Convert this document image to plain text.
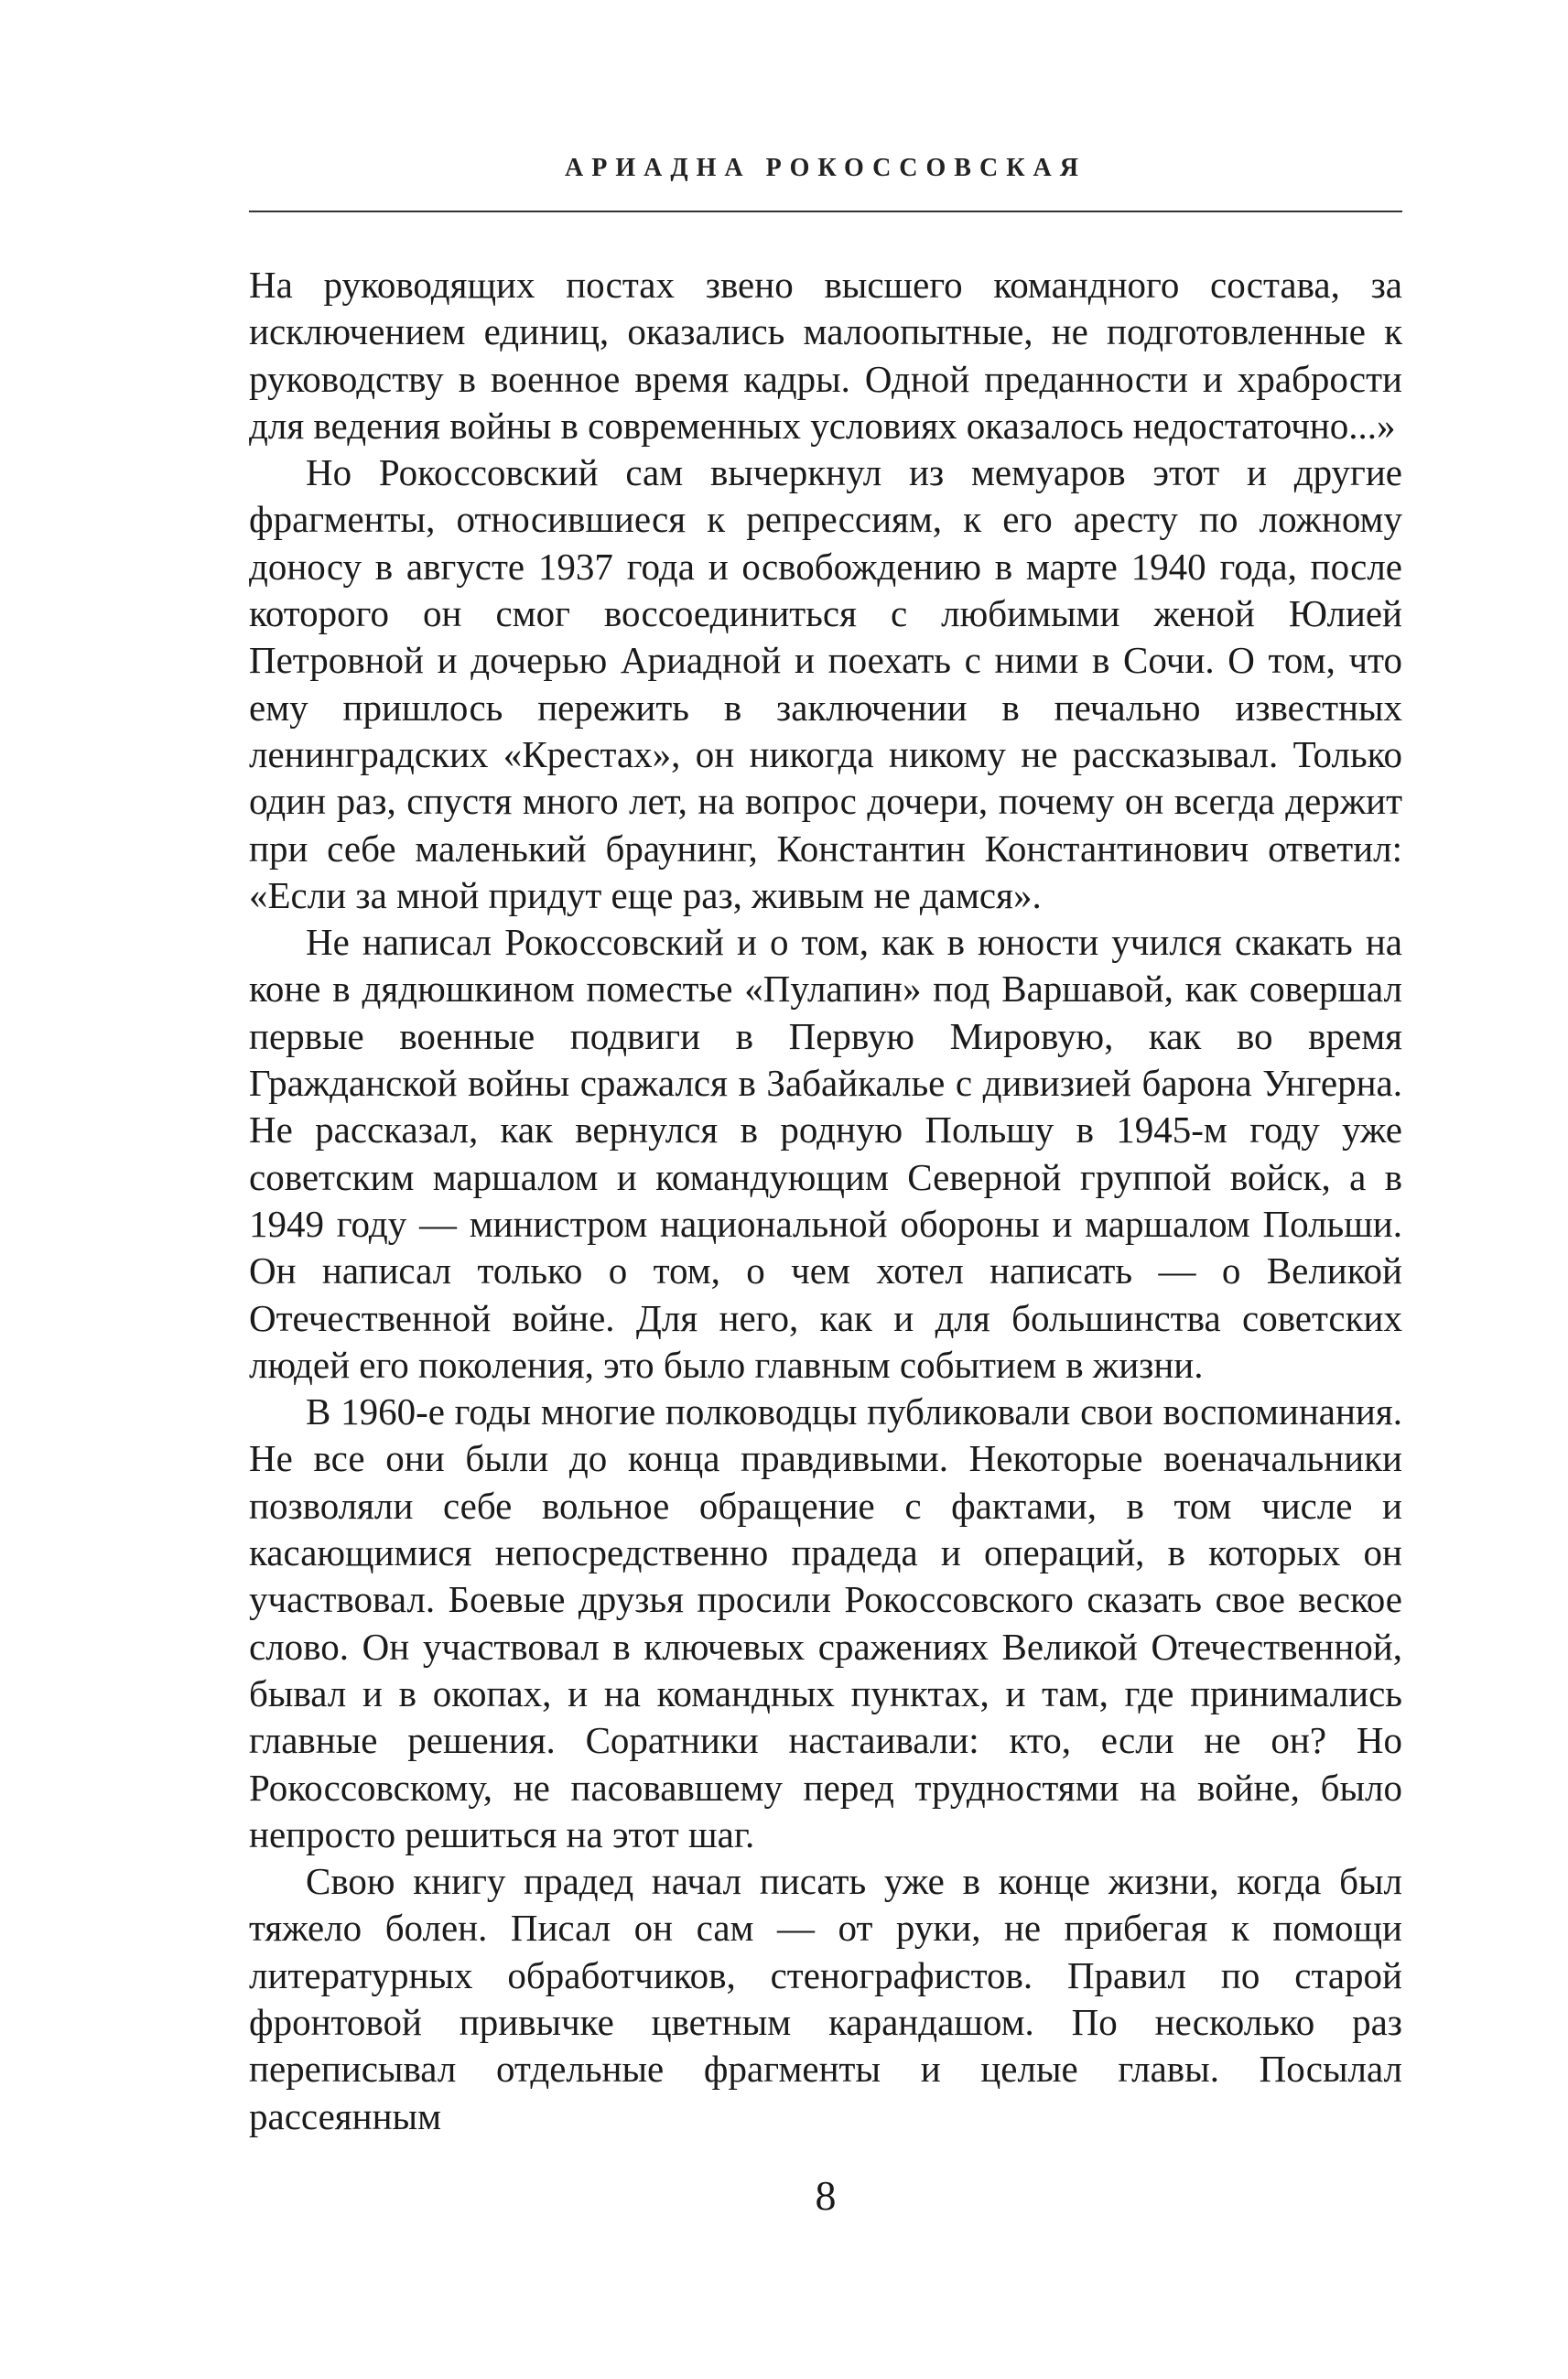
АРИАДНА РОКОССОВСКАЯ

На руководящих постах звено высшего командного состава, за исключением единиц, оказались малоопытные, не подготовленные к руководству в военное время кадры. Одной преданности и храбрости для ведения войны в современных условиях оказалось недостаточно...»

Но Рокоссовский сам вычеркнул из мемуаров этот и другие фрагменты, относившиеся к репрессиям, к его аресту по ложному доносу в августе 1937 года и освобождению в марте 1940 года, после которого он смог воссоединиться с любимыми женой Юлией Петровной и дочерью Ариадной и поехать с ними в Сочи. О том, что ему пришлось пережить в заключении в печально известных ленинградских «Крестах», он никогда никому не рассказывал. Только один раз, спустя много лет, на вопрос дочери, почему он всегда держит при себе маленький браунинг, Константин Константинович ответил: «Если за мной придут еще раз, живым не дамся».

Не написал Рокоссовский и о том, как в юности учился скакать на коне в дядюшкином поместье «Пулапин» под Варшавой, как совершал первые военные подвиги в Первую Мировую, как во время Гражданской войны сражался в Забайкалье с дивизией барона Унгерна. Не рассказал, как вернулся в родную Польшу в 1945-м году уже советским маршалом и командующим Северной группой войск, а в 1949 году — министром национальной обороны и маршалом Польши. Он написал только о том, о чем хотел написать — о Великой Отечественной войне. Для него, как и для большинства советских людей его поколения, это было главным событием в жизни.

В 1960-е годы многие полководцы публиковали свои воспоминания. Не все они были до конца правдивыми. Некоторые военачальники позволяли себе вольное обращение с фактами, в том числе и касающимися непосредственно прадеда и операций, в которых он участвовал. Боевые друзья просили Рокоссовского сказать свое веское слово. Он участвовал в ключевых сражениях Великой Отечественной, бывал и в окопах, и на командных пунктах, и там, где принимались главные решения. Соратники настаивали: кто, если не он? Но Рокоссовскому, не пасовавшему перед трудностями на войне, было непросто решиться на этот шаг.

Свою книгу прадед начал писать уже в конце жизни, когда был тяжело болен. Писал он сам — от руки, не прибегая к помощи литературных обработчиков, стенографистов. Правил по старой фронтовой привычке цветным карандашом. По несколько раз переписывал отдельные фрагменты и целые главы. Посылал рассеянным

8
